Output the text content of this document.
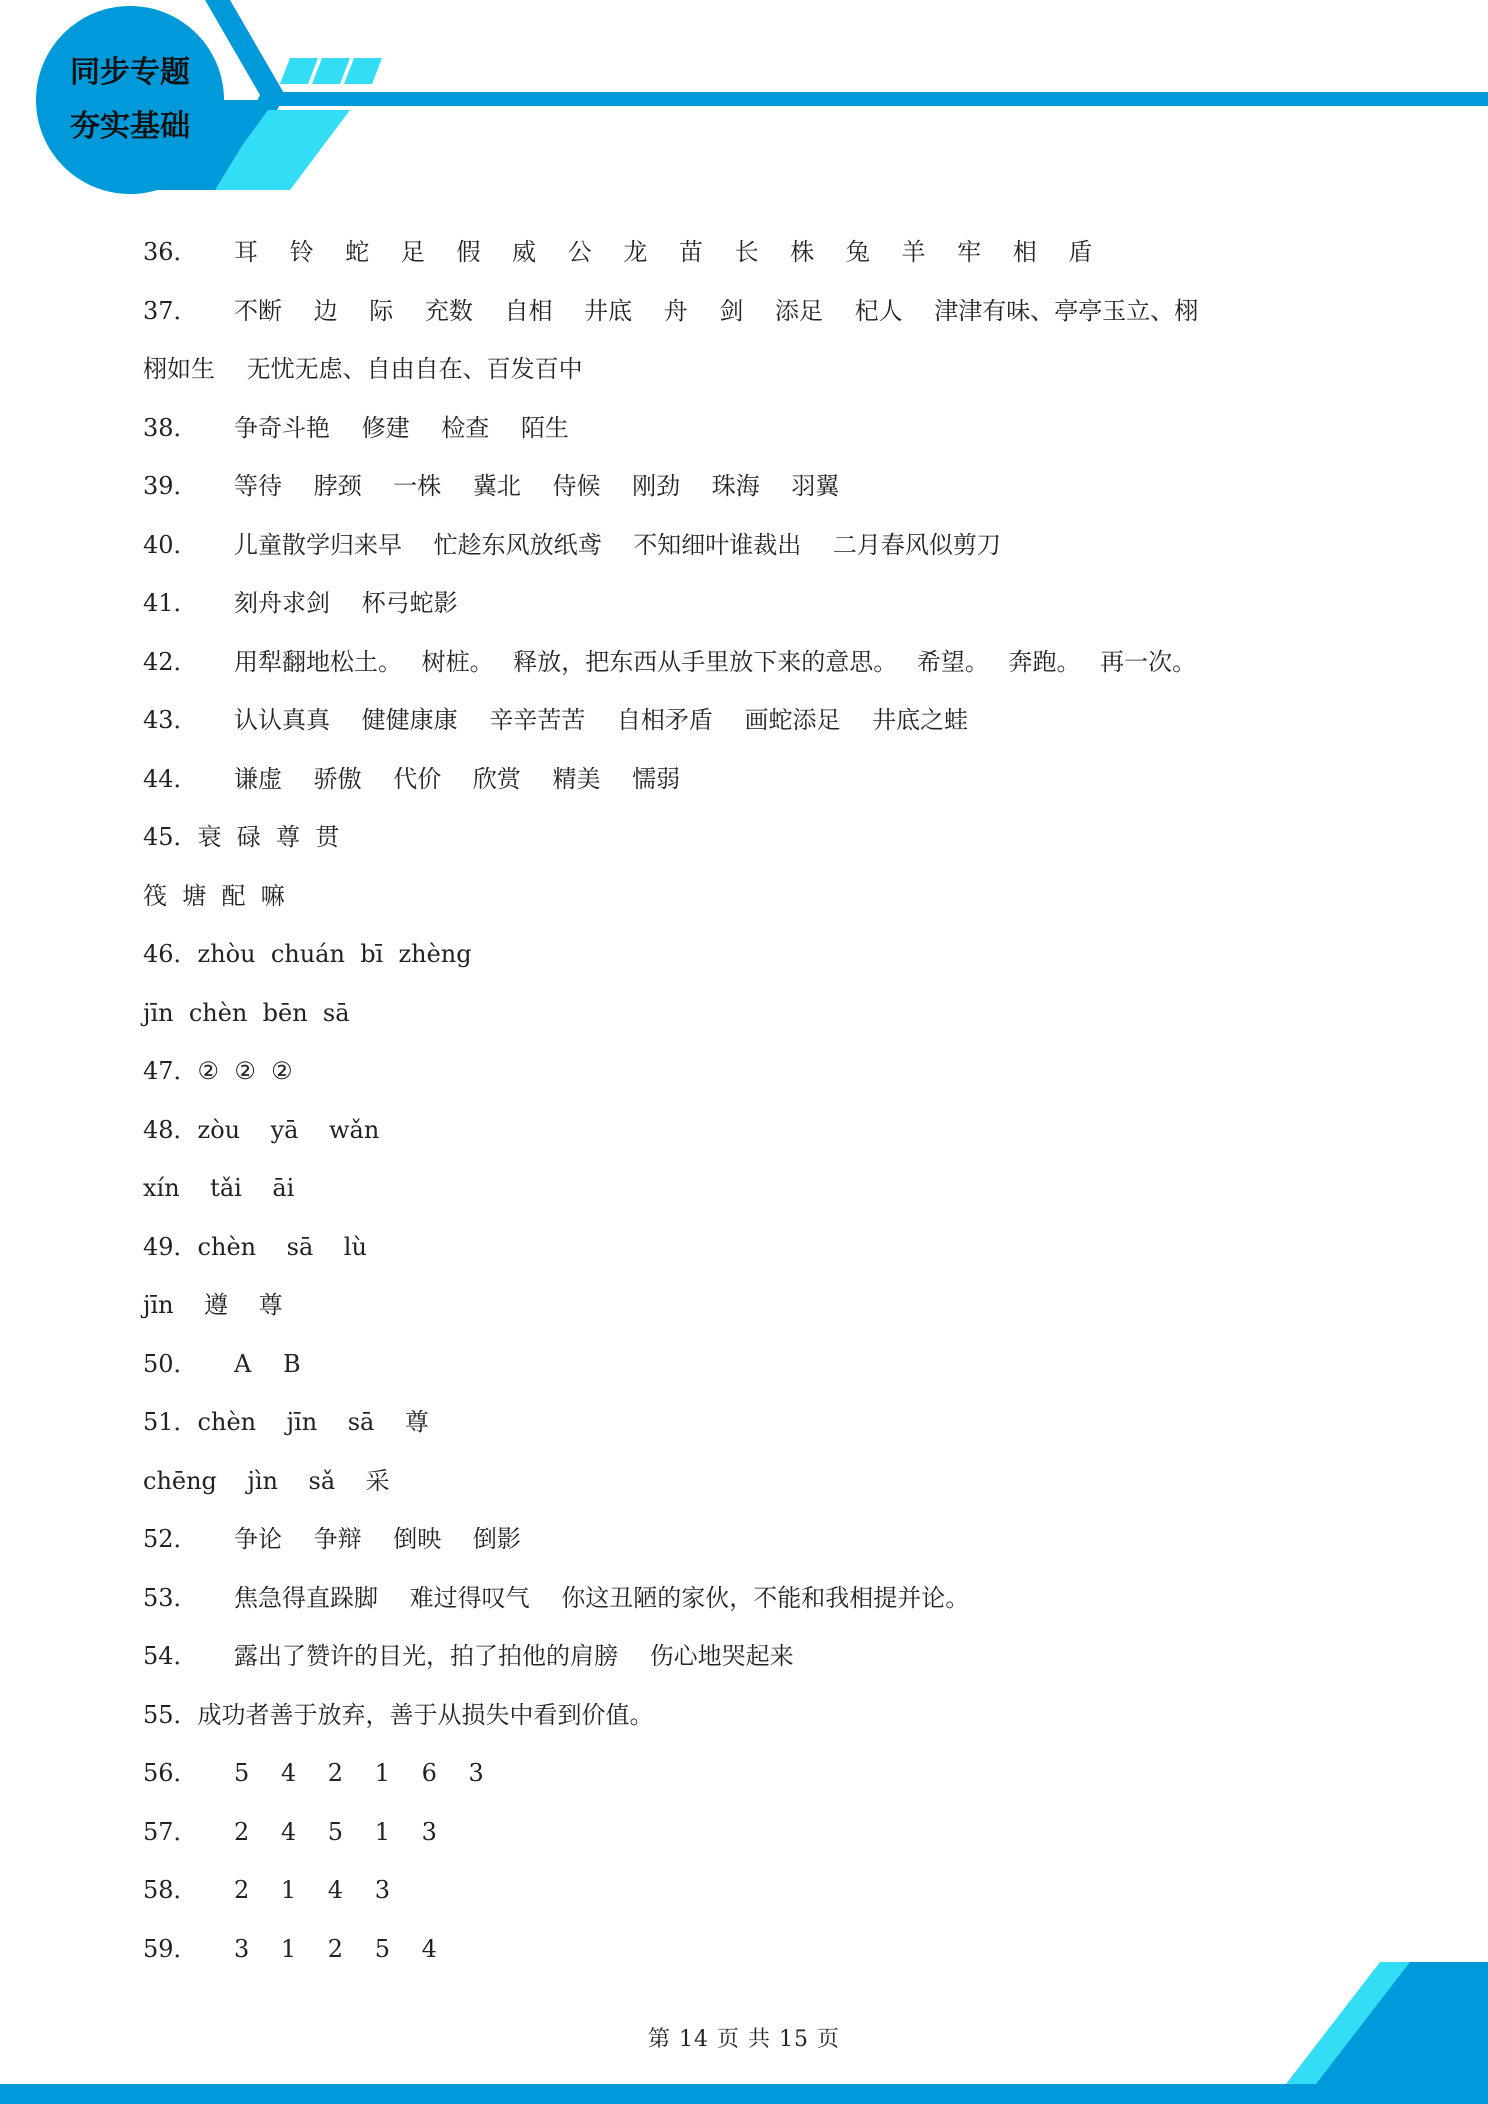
同步专题
夯实基础
36． 耳　 铃　 蛇　 足　 假　 威　 公　 龙　 苗　 长　 株　 兔　 羊　 牢　 相　 盾
37． 不断　 边　 际　 充数　 自相　 井底　 舟　 剑　 添足　 杞人　 津津有味、亭亭玉立、栩
栩如生　 无忧无虑、自由自在、百发百中
38． 争奇斗艳　 修建　 检查　 陌生
39． 等待　 脖颈　 一株　 冀北　 侍候　 刚劲　 珠海　 羽翼
40． 儿童散学归来早　 忙趁东风放纸鸢　 不知细叶谁裁出　 二月春风似剪刀
41． 刻舟求剑　 杯弓蛇影
42． 用犁翻地松土。　 树桩。　 释放，把东西从手里放下来的意思。　 希望。　 奔跑。　 再一次。
43． 认认真真　 健健康康　 辛辛苦苦　 自相矛盾　 画蛇添足　 井底之蛙
44． 谦虚　 骄傲　 代价　 欣赏　 精美　 懦弱
45．衰  碌  尊  贯
筏  塘  配  嘛
46．zhòu  chuán  bī  zhèng
jīn  chèn  bēn  sā
47．②  ②  ②
48．zòu    yā    wǎn
xín    tǎi    āi
49．chèn    sā    lù
jīn    遵    尊
50． A　 B
51．chèn    jīn    sā    尊
chēng    jìn    sǎ    采
52． 争论　 争辩　 倒映　 倒影
53． 焦急得直跺脚　 难过得叹气　 你这丑陋的家伙，不能和我相提并论。
54． 露出了赞许的目光，拍了拍他的肩膀　 伤心地哭起来
55．成功者善于放弃，善于从损失中看到价值。
56． 5　 4　 2　 1　 6　 3
57． 2　 4　 5　 1　 3
58． 2　 1　 4　 3
59． 3　 1　 2　 5　 4
第 14 页 共 15 页
